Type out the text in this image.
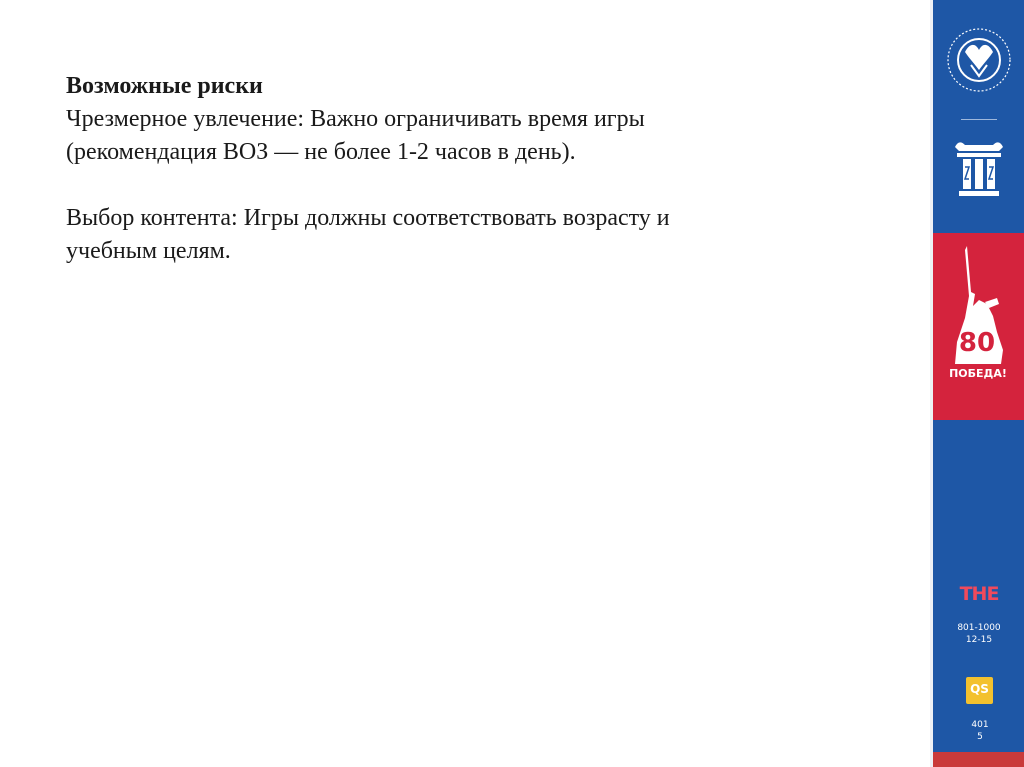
Возможные риски

Чрезмерное увлечение: Важно ограничивать время игры

(рекомендация ВОЗ — не более 1-2 часов в день).

Выбор контента: Игры должны соответствовать возрасту и

учебным целям.

80
ПОБЕДА!
THE
801-1000
12-15
QS
401
5
